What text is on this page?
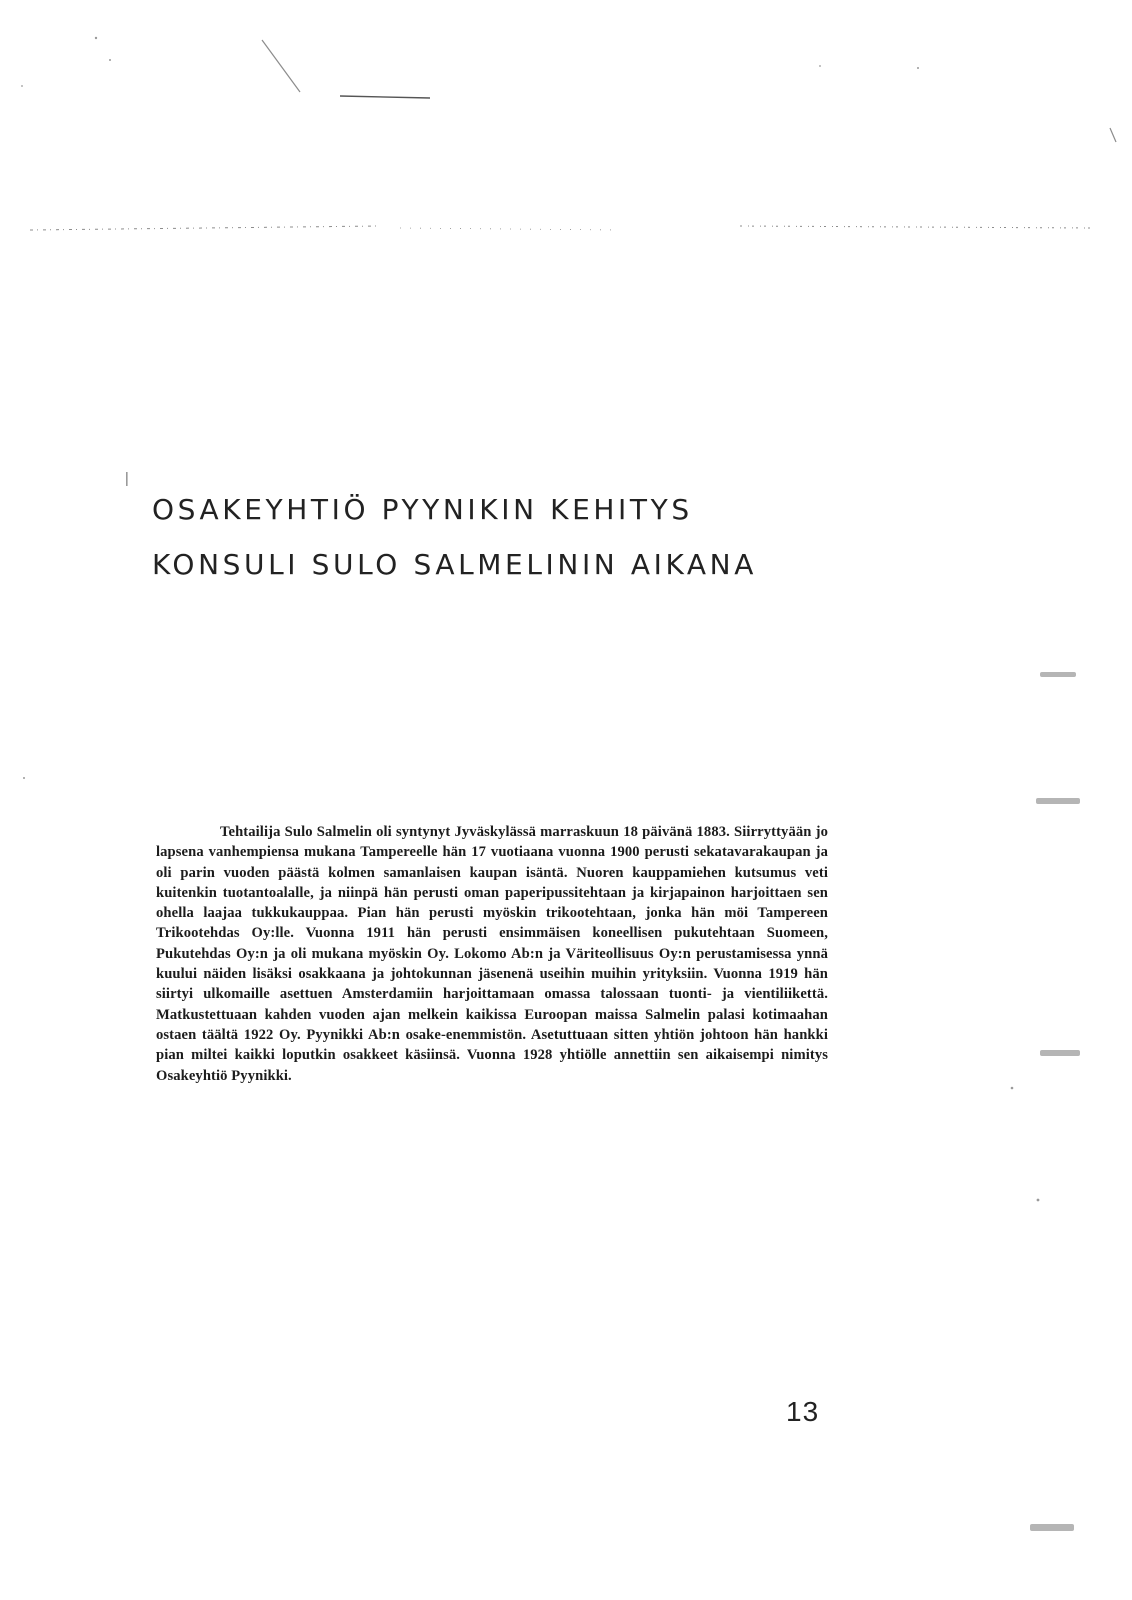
OSAKEYHTIÖ PYYNIKIN KEHITYS
KONSULI SULO SALMELININ AIKANA

Tehtailija Sulo Salmelin oli syntynyt Jyväskylässä marraskuun 18 päivänä 1883. Siirryttyään jo lapsena vanhempiensa mukana Tampereelle hän 17 vuotiaana vuonna 1900 perusti sekatavarakaupan ja oli parin vuoden päästä kolmen samanlaisen kaupan isäntä. Nuoren kauppamiehen kutsumus veti kuitenkin tuotantoalalle, ja niinpä hän perusti oman paperipussitehtaan ja kirjapainon harjoittaen sen ohella laajaa tukkukauppaa. Pian hän perusti myöskin trikootehtaan, jonka hän möi Tampereen Trikootehdas Oy:lle. Vuonna 1911 hän perusti ensimmäisen koneellisen pukutehtaan Suomeen, Pukutehdas Oy:n ja oli mukana myöskin Oy. Lokomo Ab:n ja Väriteollisuus Oy:n perustamisessa ynnä kuului näiden lisäksi osakkaana ja johtokunnan jäsenenä useihin muihin yrityksiin. Vuonna 1919 hän siirtyi ulkomaille asettuen Amsterdamiin harjoittamaan omassa talossaan tuonti- ja vientiliikettä. Matkustettuaan kahden vuoden ajan melkein kaikissa Euroopan maissa Salmelin palasi kotimaahan ostaen täältä 1922 Oy. Pyynikki Ab:n osake-enemmistön. Asetuttuaan sitten yhtiön johtoon hän hankki pian miltei kaikki loputkin osakkeet käsiinsä. Vuonna 1928 yhtiölle annettiin sen aikaisempi nimitys Osakeyhtiö Pyynikki.

13
